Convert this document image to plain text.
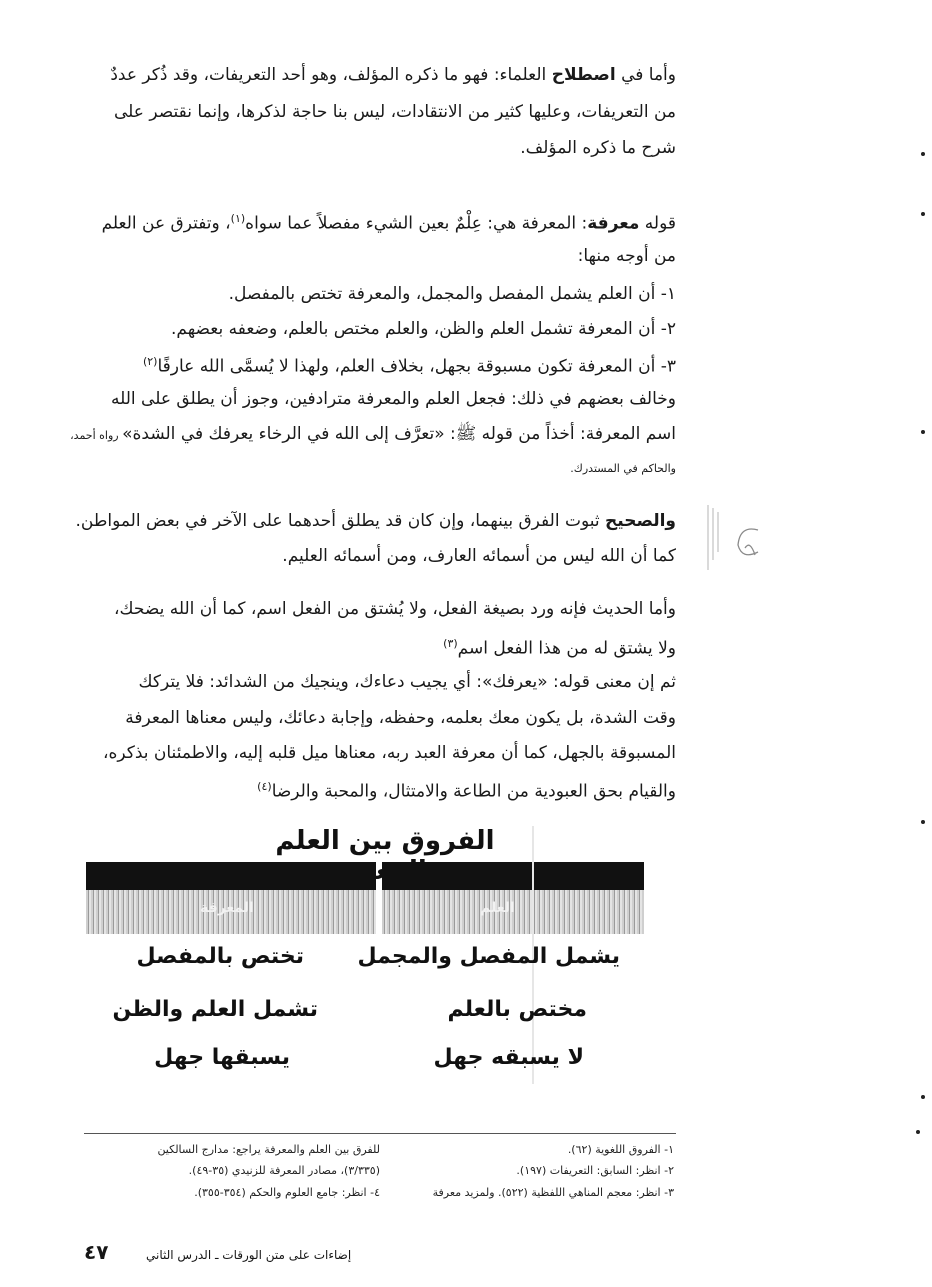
وأما في اصطلاح العلماء: فهو ما ذكره المؤلف، وهو أحد التعريفات، وقد ذُكر عددٌ
من التعريفات، وعليها كثير من الانتقادات، ليس بنا حاجة لذكرها، وإنما نقتصر على
شرح ما ذكره المؤلف.
قوله معرفة: المعرفة هي: عِلْمٌ بعين الشيء مفصلاً عما سواه$^{(١)}$، وتفترق عن العلم
من أوجه منها:
١- أن العلم يشمل المفصل والمجمل، والمعرفة تختص بالمفصل.
٢- أن المعرفة تشمل العلم والظن، والعلم مختص بالعلم، وضعفه بعضهم.
٣- أن المعرفة تكون مسبوقة بجهل، بخلاف العلم، ولهذا لا يُسمَّى الله عارفًا$^{(٢)}$
وخالف بعضهم في ذلك: فجعل العلم والمعرفة مترادفين، وجوز أن يطلق على الله
اسم المعرفة: أخذاً من قوله ﷺ: «تعرَّف إلى الله في الرخاء يعرفك في الشدة» رواه أحمد،
والحاكم في المستدرك.
والصحيح ثبوت الفرق بينهما، وإن كان قد يطلق أحدهما على الآخر في بعض المواطن.
كما أن الله ليس من أسمائه العارف، ومن أسمائه العليم.
وأما الحديث فإنه ورد بصيغة الفعل، ولا يُشتق من الفعل اسم، كما أن الله يضحك،
ولا يشتق له من هذا الفعل اسم$^{(٣)}$
ثم إن معنى قوله: «يعرفك»: أي يجيب دعاءك، وينجيك من الشدائد: فلا يتركك
وقت الشدة، بل يكون معك بعلمه، وحفظه، وإجابة دعائك، وليس معناها المعرفة
المسبوقة بالجهل، كما أن معرفة العبد ربه، معناها ميل قلبه إليه، والاطمئنان بذكره،
والقيام بحق العبودية من الطاعة والامتثال، والمحبة والرضا$^{(٤)}$
الفروق بين العلم
المعرفة	العلم
يشمل المفصل والمجمل
تختص بالمفصل
مختص بالعلم
تشمل العلم والظن
لا يسبقه جهل
يسبقها جهل
١- الفروق اللغوية (٦٢).
٢- انظر: السابق: التعريفات (١٩٧).
٣- انظر: معجم المناهي اللفظية (٥٢٢). ولمزيد معرفة
للفرق بين العلم والمعرفة يراجع: مدارج السالكين
(٣/٣٣٥)، مصادر المعرفة للزنيدي (٣٥-٤٩).
٤- انظر: جامع العلوم والحكم (٣٥٤-٣٥٥).
٤٧	إضاءات على متن الورقات ـ الدرس الثاني
